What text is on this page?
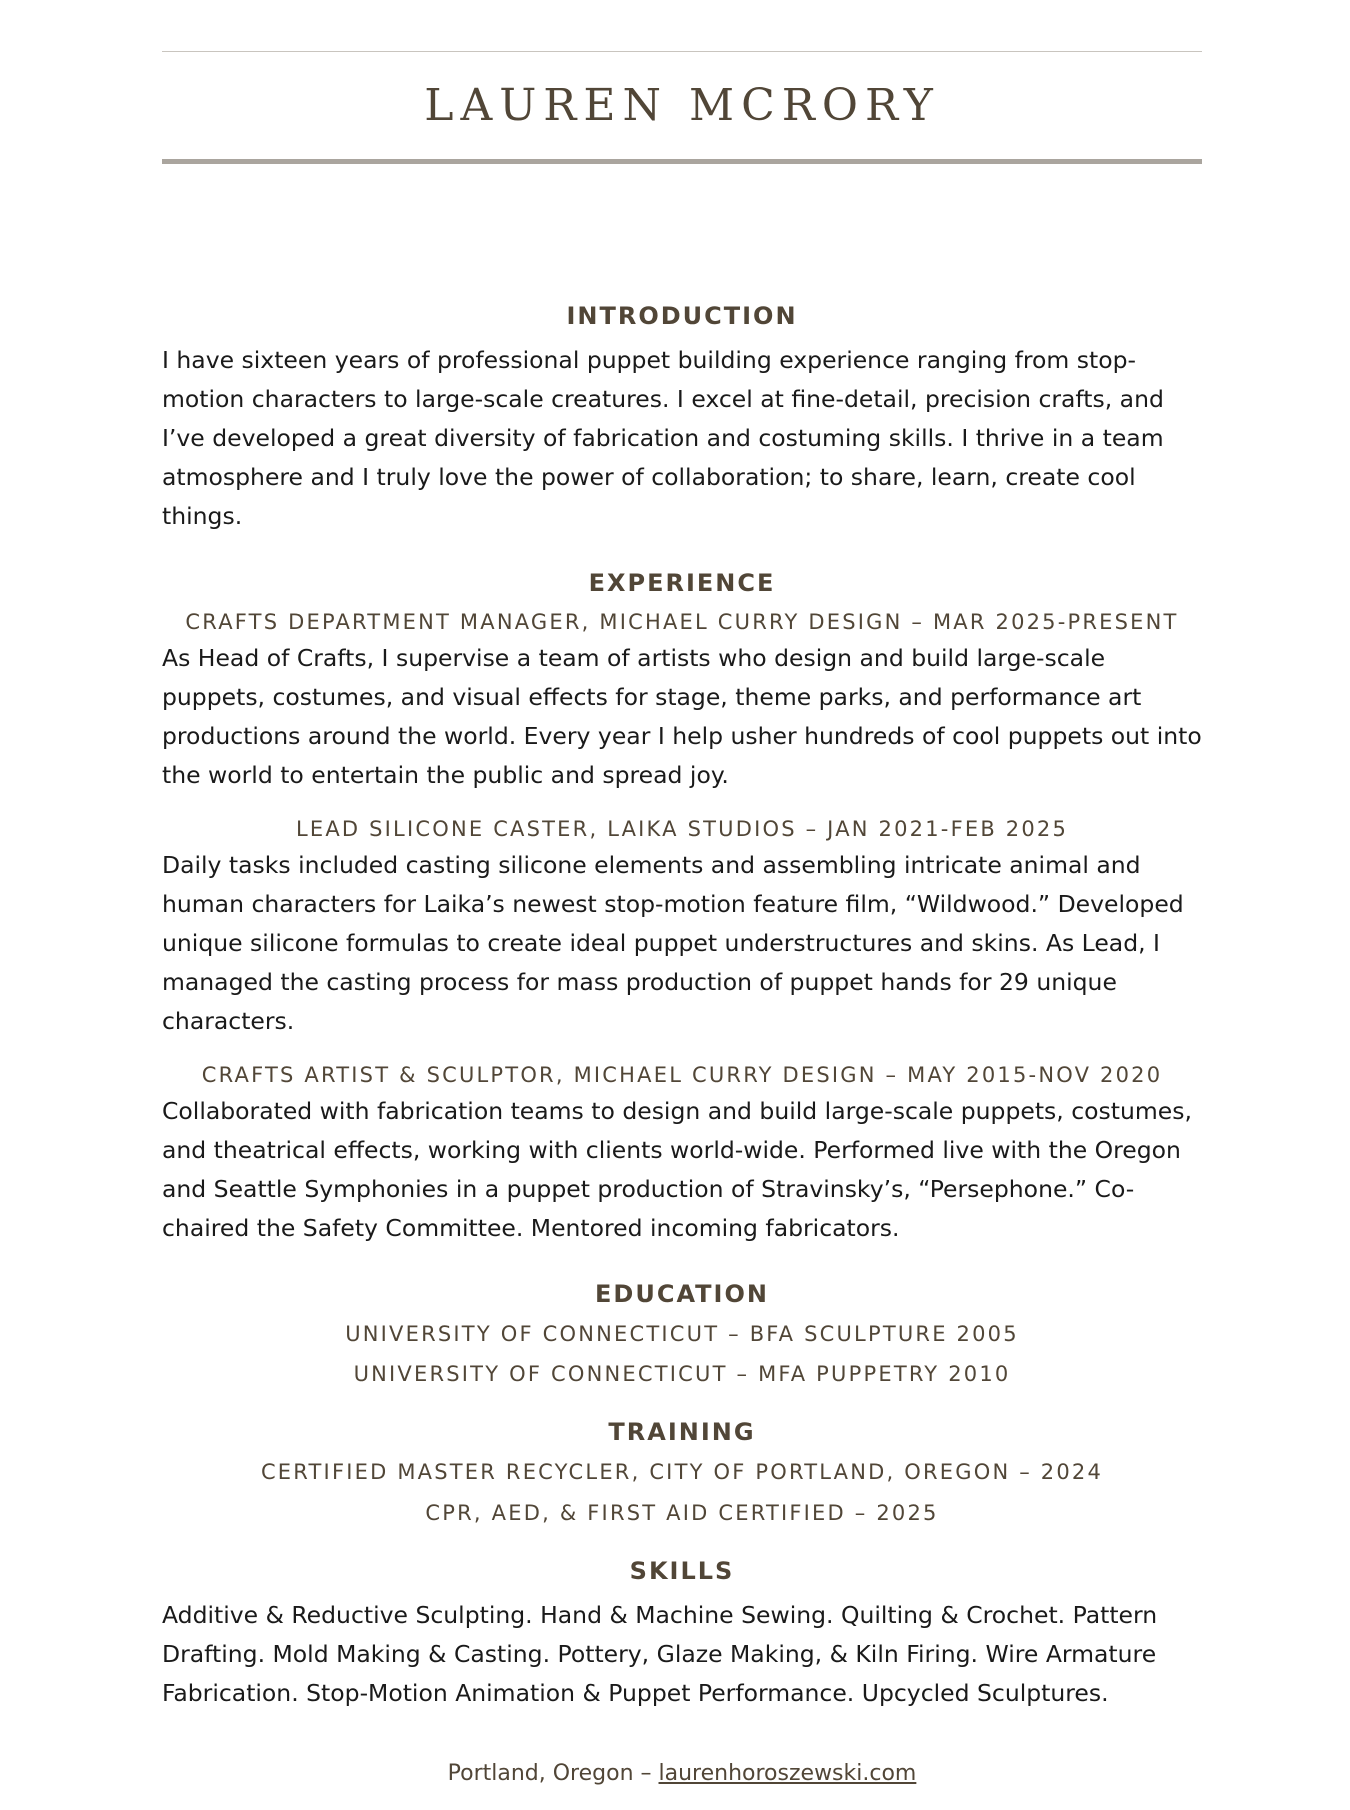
LAUREN MCRORY
INTRODUCTION

I have sixteen years of professional puppet building experience ranging from stop-motion characters to large-scale creatures. I excel at fine-detail, precision crafts, and I’ve developed a great diversity of fabrication and costuming skills. I thrive in a team atmosphere and I truly love the power of collaboration; to share, learn, create cool things.

EXPERIENCE
CRAFTS DEPARTMENT MANAGER, MICHAEL CURRY DESIGN – MAR 2025-PRESENT

As Head of Crafts, I supervise a team of artists who design and build large-scale puppets, costumes, and visual effects for stage, theme parks, and performance art productions around the world. Every year I help usher hundreds of cool puppets out into the world to entertain the public and spread joy.

LEAD SILICONE CASTER, LAIKA STUDIOS – JAN 2021-FEB 2025

Daily tasks included casting silicone elements and assembling intricate animal and human characters for Laika’s newest stop-motion feature film, “Wildwood.” Developed unique silicone formulas to create ideal puppet understructures and skins. As Lead, I managed the casting process for mass production of puppet hands for 29 unique characters.

CRAFTS ARTIST & SCULPTOR, MICHAEL CURRY DESIGN – MAY 2015-NOV 2020

Collaborated with fabrication teams to design and build large-scale puppets, costumes, and theatrical effects, working with clients world-wide. Performed live with the Oregon and Seattle Symphonies in a puppet production of Stravinsky’s, “Persephone.” Co-chaired the Safety Committee. Mentored incoming fabricators.

EDUCATION
UNIVERSITY OF CONNECTICUT – BFA SCULPTURE 2005
UNIVERSITY OF CONNECTICUT – MFA PUPPETRY 2010
TRAINING
CERTIFIED MASTER RECYCLER, CITY OF PORTLAND, OREGON – 2024
CPR, AED, & FIRST AID CERTIFIED – 2025
SKILLS

Additive & Reductive Sculpting. Hand & Machine Sewing. Quilting & Crochet. Pattern Drafting. Mold Making & Casting. Pottery, Glaze Making, & Kiln Firing. Wire Armature Fabrication. Stop-Motion Animation & Puppet Performance. Upcycled Sculptures.

Portland, Oregon – laurenhoroszewski.com
